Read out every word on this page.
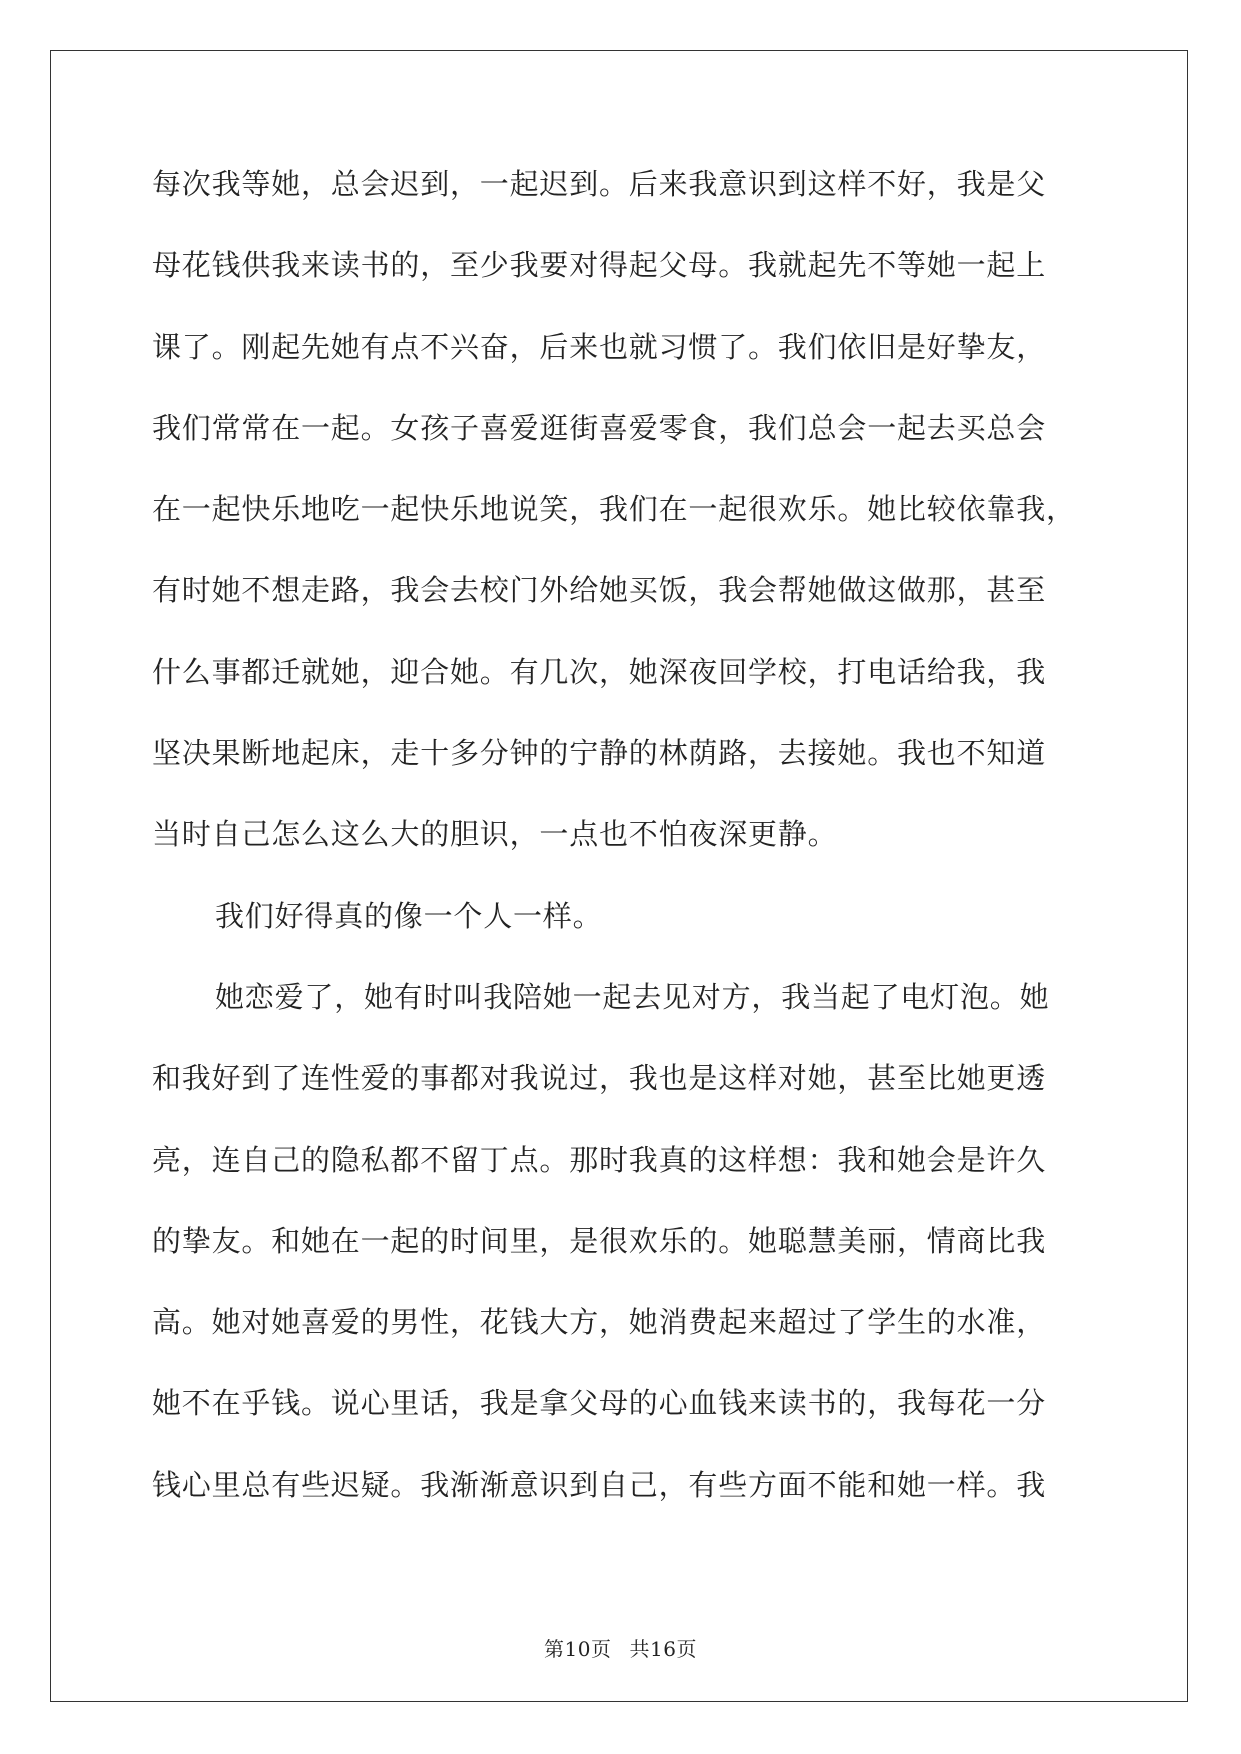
每次我等她，总会迟到，一起迟到。后来我意识到这样不好，我是父
母花钱供我来读书的，至少我要对得起父母。我就起先不等她一起上
课了。刚起先她有点不兴奋，后来也就习惯了。我们依旧是好挚友，
我们常常在一起。女孩子喜爱逛街喜爱零食，我们总会一起去买总会
在一起快乐地吃一起快乐地说笑，我们在一起很欢乐。她比较依靠我，
有时她不想走路，我会去校门外给她买饭，我会帮她做这做那，甚至
什么事都迁就她，迎合她。有几次，她深夜回学校，打电话给我，我
坚决果断地起床，走十多分钟的宁静的林荫路，去接她。我也不知道
当时自己怎么这么大的胆识，一点也不怕夜深更静。
我们好得真的像一个人一样。
她恋爱了，她有时叫我陪她一起去见对方，我当起了电灯泡。她
和我好到了连性爱的事都对我说过，我也是这样对她，甚至比她更透
亮，连自己的隐私都不留丁点。那时我真的这样想：我和她会是许久
的挚友。和她在一起的时间里，是很欢乐的。她聪慧美丽，情商比我
高。她对她喜爱的男性，花钱大方，她消费起来超过了学生的水准，
她不在乎钱。说心里话，我是拿父母的心血钱来读书的，我每花一分
钱心里总有些迟疑。我渐渐意识到自己，有些方面不能和她一样。我
第10页 共16页
